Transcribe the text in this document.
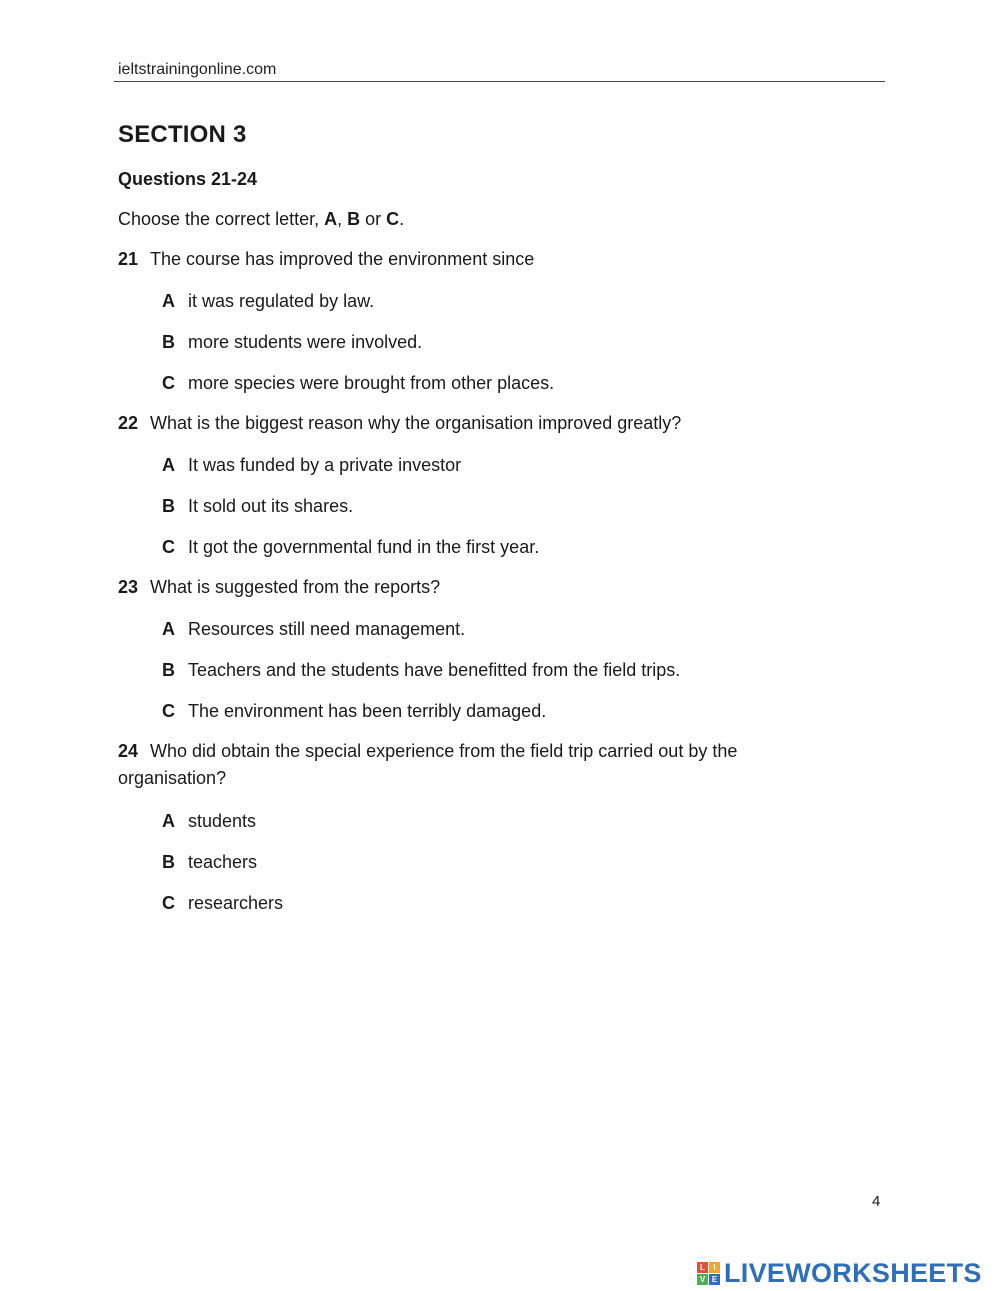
ieltstrainingonline.com
SECTION 3
Questions 21-24
Choose the correct letter, A, B or C.
21 The course has improved the environment since
A it was regulated by law.
B more students were involved.
C more species were brought from other places.
22 What is the biggest reason why the organisation improved greatly?
A It was funded by a private investor
B It sold out its shares.
C It got the governmental fund in the first year.
23 What is suggested from the reports?
A Resources still need management.
B Teachers and the students have benefitted from the field trips.
C The environment has been terribly damaged.
24 Who did obtain the special experience from the field trip carried out by the organisation?
A students
B teachers
C researchers
4
L	I
V E LIVEWORKSHEETS
